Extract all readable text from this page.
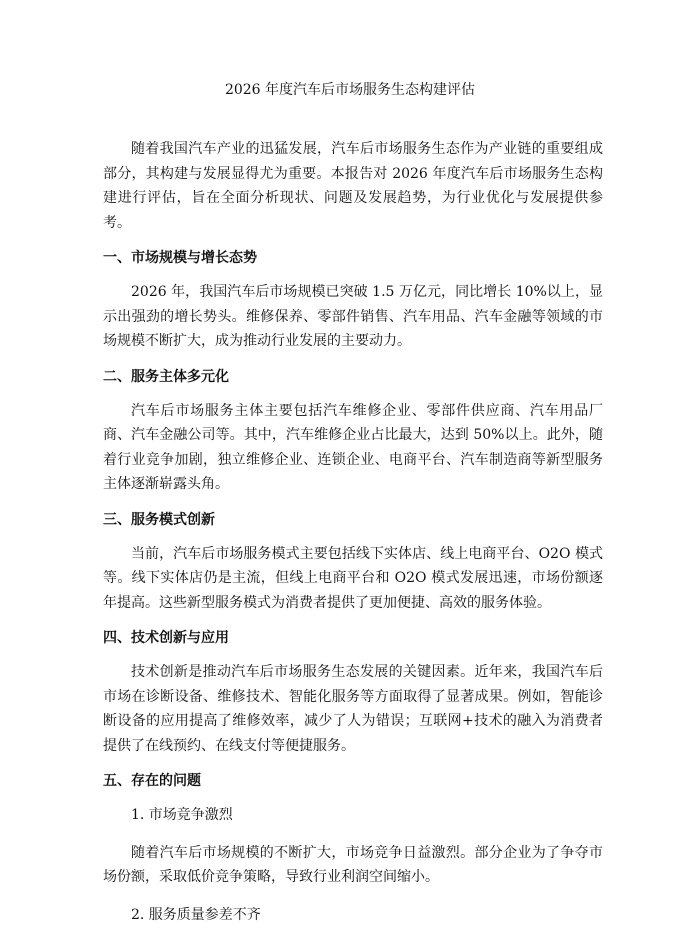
2026 年度汽车后市场服务生态构建评估

随着我国汽车产业的迅猛发展，汽车后市场服务生态作为产业链的重要组成部分，其构建与发展显得尤为重要。本报告对 2026 年度汽车后市场服务生态构建进行评估，旨在全面分析现状、问题及发展趋势，为行业优化与发展提供参考。

一、市场规模与增长态势

2026 年，我国汽车后市场规模已突破 1.5 万亿元，同比增长 10%以上，显示出强劲的增长势头。维修保养、零部件销售、汽车用品、汽车金融等领域的市场规模不断扩大，成为推动行业发展的主要动力。

二、服务主体多元化

汽车后市场服务主体主要包括汽车维修企业、零部件供应商、汽车用品厂商、汽车金融公司等。其中，汽车维修企业占比最大，达到 50%以上。此外，随着行业竞争加剧，独立维修企业、连锁企业、电商平台、汽车制造商等新型服务主体逐渐崭露头角。

三、服务模式创新

当前，汽车后市场服务模式主要包括线下实体店、线上电商平台、O2O 模式等。线下实体店仍是主流，但线上电商平台和 O2O 模式发展迅速，市场份额逐年提高。这些新型服务模式为消费者提供了更加便捷、高效的服务体验。

四、技术创新与应用

技术创新是推动汽车后市场服务生态发展的关键因素。近年来，我国汽车后市场在诊断设备、维修技术、智能化服务等方面取得了显著成果。例如，智能诊断设备的应用提高了维修效率，减少了人为错误；互联网+技术的融入为消费者提供了在线预约、在线支付等便捷服务。

五、存在的问题

1. 市场竞争激烈

随着汽车后市场规模的不断扩大，市场竞争日益激烈。部分企业为了争夺市场份额，采取低价竞争策略，导致行业利润空间缩小。

2. 服务质量参差不齐
